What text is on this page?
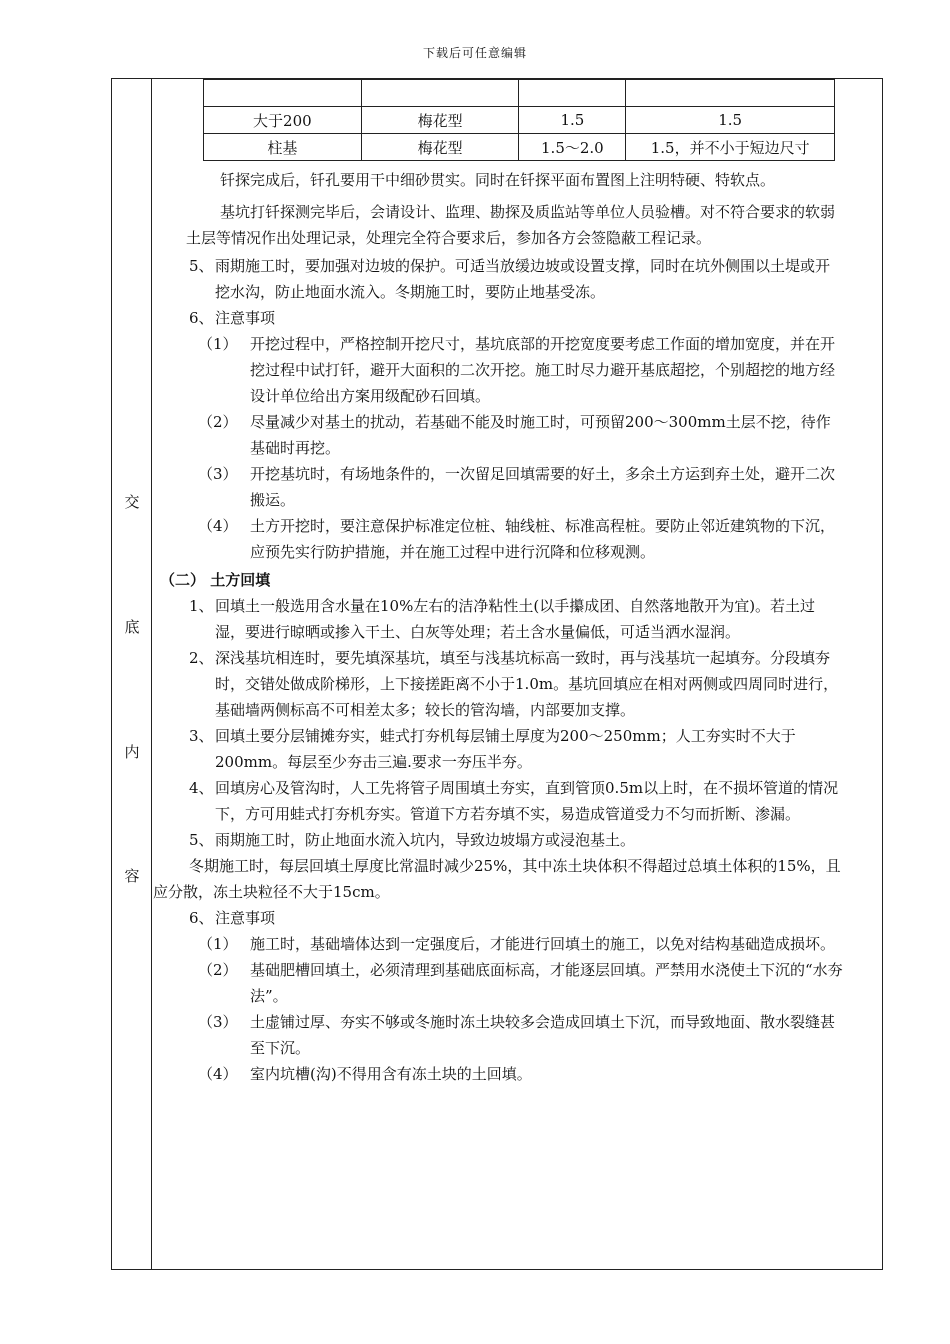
下载后可任意编辑
交
底
内
容

大于200	梅花型	1.5	1.5
柱基	梅花型	1.5～2.0	1.5，并不小于短边尺寸

钎探完成后，钎孔要用干中细砂贯实。同时在钎探平面布置图上注明特硬、特软点。

基坑打钎探测完毕后，会请设计、监理、勘探及质监站等单位人员验槽。对不符合要求的软弱土层等情况作出处理记录，处理完全符合要求后，参加各方会签隐蔽工程记录。

5、 雨期施工时，要加强对边坡的保护。可适当放缓边坡或设置支撑，同时在坑外侧围以土堤或开挖水沟，防止地面水流入。冬期施工时，要防止地基受冻。
6、 注意事项
（1） 开挖过程中，严格控制开挖尺寸，基坑底部的开挖宽度要考虑工作面的增加宽度，并在开挖过程中试打钎，避开大面积的二次开挖。施工时尽力避开基底超挖，个别超挖的地方经设计单位给出方案用级配砂石回填。
（2） 尽量减少对基土的扰动，若基础不能及时施工时，可预留200～300mm土层不挖，待作基础时再挖。
（3） 开挖基坑时，有场地条件的，一次留足回填需要的好土，多余土方运到弃土处，避开二次搬运。
（4） 土方开挖时，要注意保护标准定位桩、轴线桩、标准高程桩。要防止邻近建筑物的下沉，应预先实行防护措施，并在施工过程中进行沉降和位移观测。
（二） 土方回填
1、 回填土一般选用含水量在10%左右的洁净粘性土(以手攥成团、自然落地散开为宜)。若土过湿，要进行晾晒或掺入干土、白灰等处理；若土含水量偏低，可适当洒水湿润。
2、 深浅基坑相连时，要先填深基坑，填至与浅基坑标高一致时，再与浅基坑一起填夯。分段填夯时，交错处做成阶梯形，上下接搓距离不小于1.0m。基坑回填应在相对两侧或四周同时进行，基础墙两侧标高不可相差太多；较长的管沟墙，内部要加支撑。
3、 回填土要分层铺摊夯实，蛙式打夯机每层铺土厚度为200～250mm；人工夯实时不大于200mm。每层至少夯击三遍.要求一夯压半夯。
4、 回填房心及管沟时，人工先将管子周围填土夯实，直到管顶0.5m以上时，在不损坏管道的情况下，方可用蛙式打夯机夯实。管道下方若夯填不实，易造成管道受力不匀而折断、渗漏。
5、 雨期施工时，防止地面水流入坑内，导致边坡塌方或浸泡基土。

冬期施工时，每层回填土厚度比常温时减少25%，其中冻土块体积不得超过总填土体积的15%，且应分散，冻土块粒径不大于15cm。

6、 注意事项
（1） 施工时，基础墙体达到一定强度后，才能进行回填土的施工，以免对结构基础造成损坏。
（2） 基础肥槽回填土，必须清理到基础底面标高，才能逐层回填。严禁用水浇使土下沉的“水夯法”。
（3） 土虚铺过厚、夯实不够或冬施时冻土块较多会造成回填土下沉，而导致地面、散水裂缝甚至下沉。
（4） 室内坑槽(沟)不得用含有冻土块的土回填。
